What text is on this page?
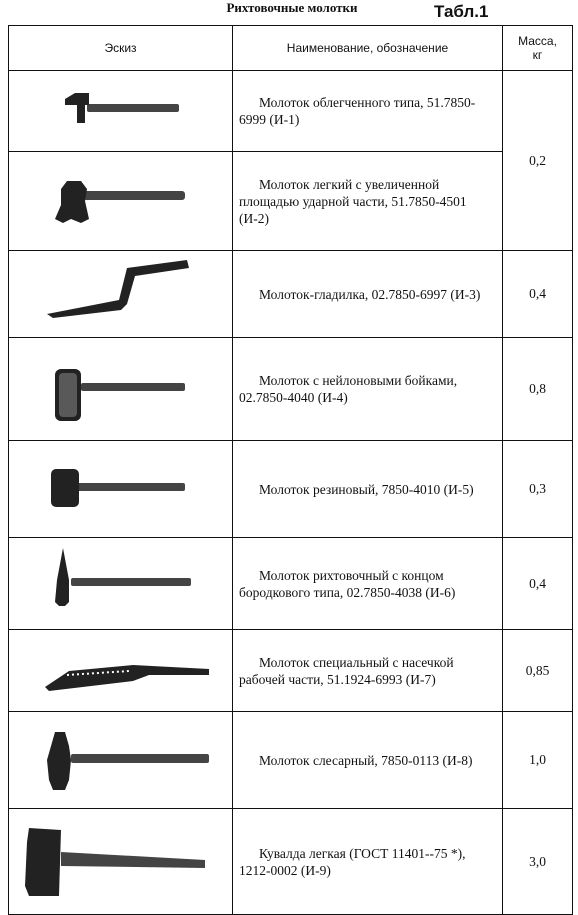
Рихтовочные молотки	Табл.1
Эскиз	Наименование, обозначение	Масса,
кг

Молоток облегченного типа, 51.7850-6999 (И-1)	0,2

Молоток легкий с увеличенной площадью ударной части, 51.7850-4501 (И-2)	

Молоток-гладилка, 02.7850-6997 (И-3)	0,4

Молоток с нейлоновыми бойками, 02.7850-4040 (И-4)	0,8

Молоток резиновый, 7850-4010 (И-5)	0,3

Молоток рихтовочный с концом бородкового типа, 02.7850-4038 (И-6)	0,4

Молоток специальный с насечкой рабочей части, 51.1924-6993 (И-7)	0,85

Молоток слесарный, 7850-0113 (И-8)	1,0

Кувалда легкая (ГОСТ 11401--75 *), 1212-0002 (И-9)	3,0
